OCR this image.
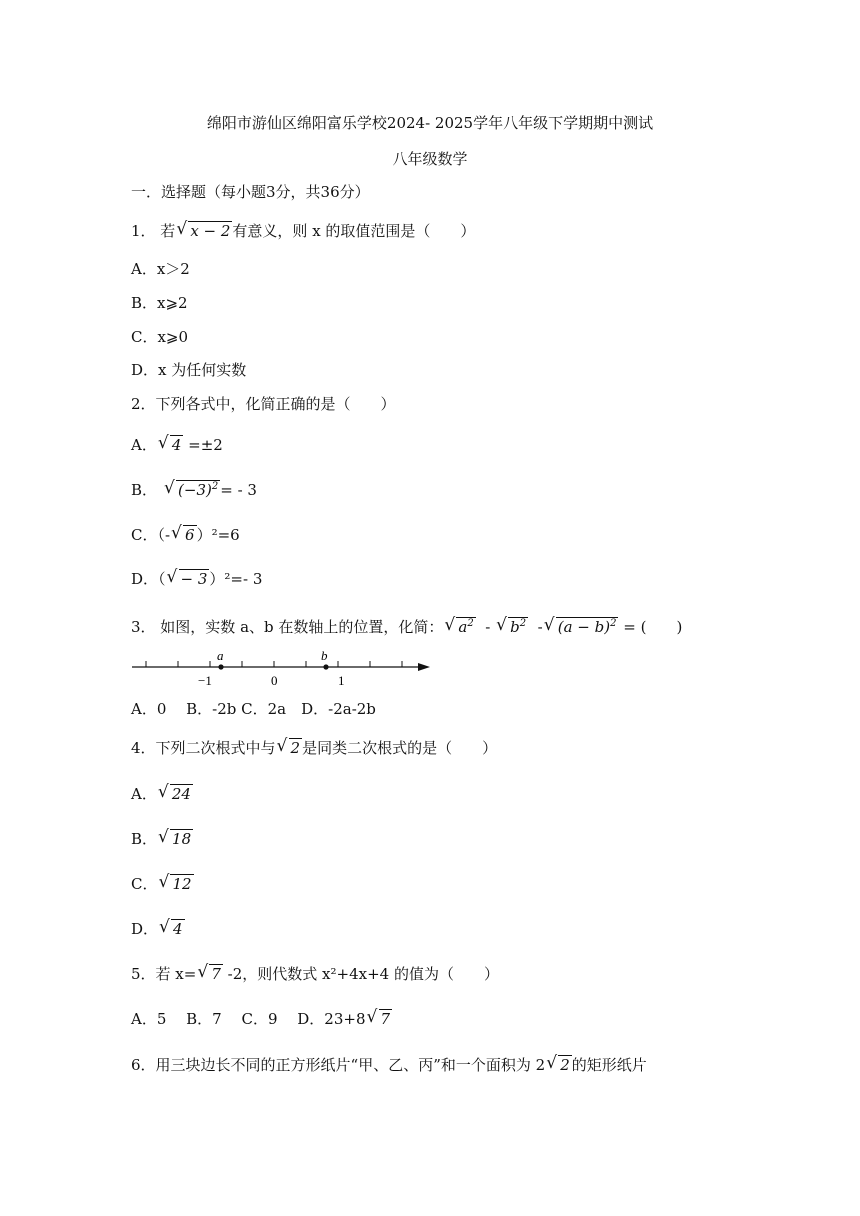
绵阳市游仙区绵阳富乐学校2024- 2025学年八年级下学期期中测试
八年级数学
一．选择题（每小题3分，共36分）
1． 若 √ x − 2 有意义，则 x 的取值范围是（　　）
A．x＞2
B．x⩾2
C．x⩾0
D．x 为任何实数
2．下列各式中，化简正确的是（　　）
A． √ 4 =±2
B． √ $(-3)^2$ = - 3
C．（- √ 6 ）²=6
D．（ √ − 3 ）²=- 3
3． 如图，实数 a、b 在数轴上的位置，化简： √ $a^2$  - √ $b^2$  - √ $(a - b)^2$ = (　　)
a	b
−1	0	1
A．0　 B．-2b C．2a　D．-2a-2b
4．下列二次根式中与 √ 2 是同类二次根式的是（　　）
A． √ 24
B． √ 18
C． √ 12
D． √ 4
5．若 x= √ 7 -2，则代数式 x²+4x+4 的值为（　　）
A．5　 B．7　 C．9　 D．23+8 √ 7
6．用三块边长不同的正方形纸片“甲、乙、丙”和一个面积为 2 √ 2 的矩形纸片
